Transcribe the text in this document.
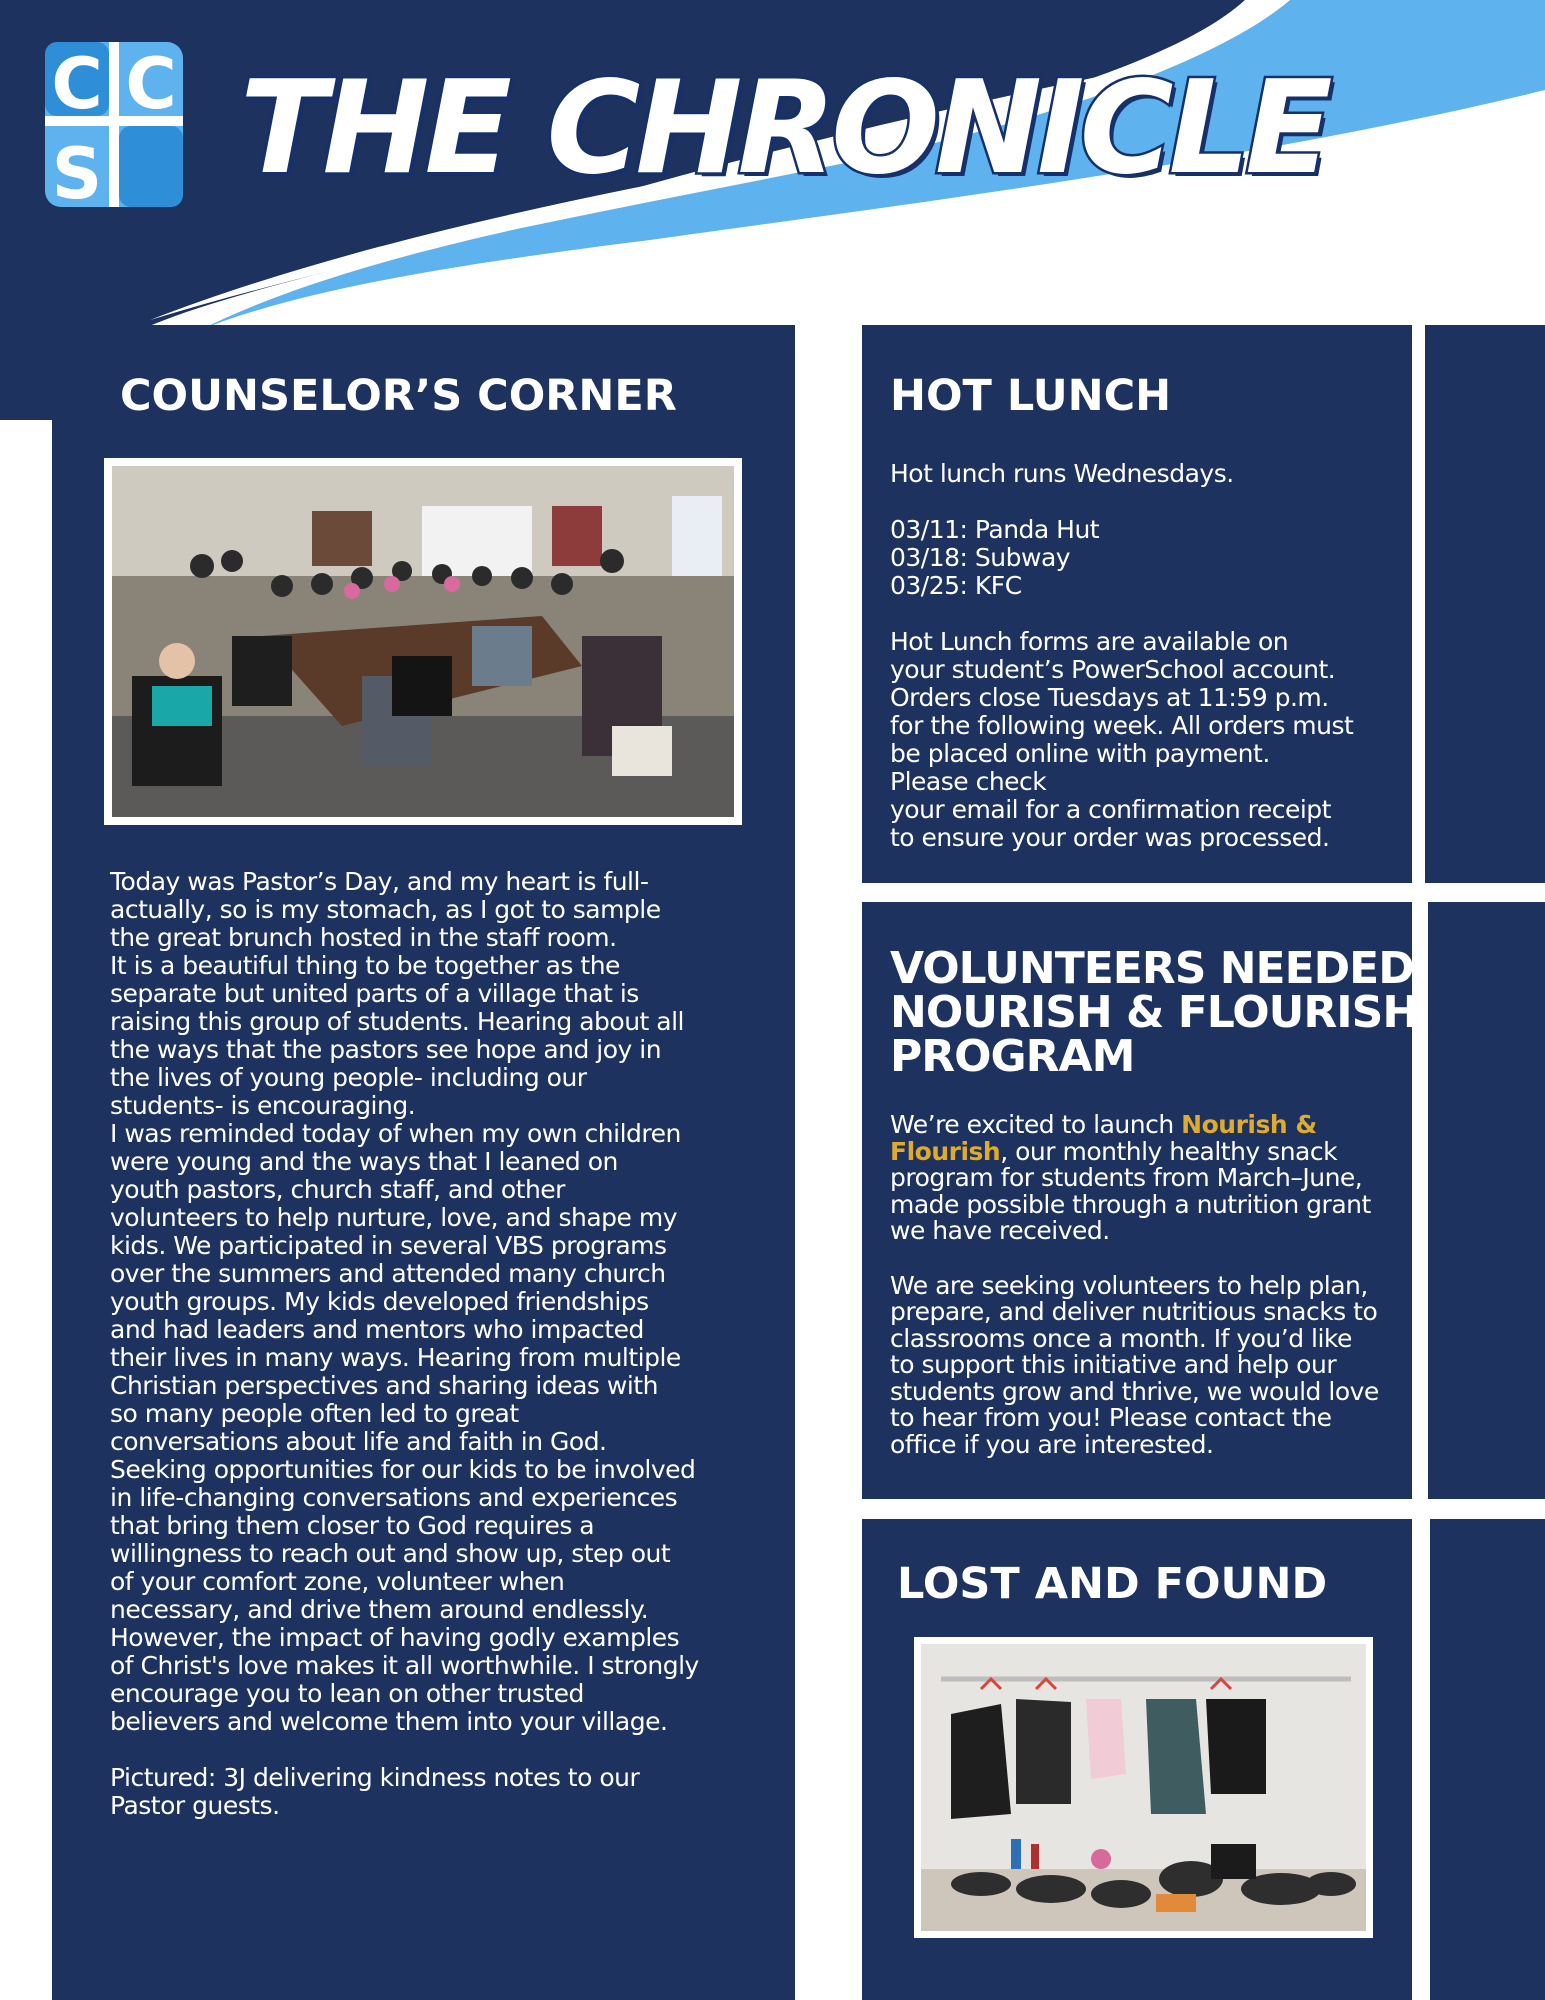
C C
S THE CHRONICLE
COUNSELOR’S CORNER

Today was Pastor’s Day, and my heart is full-
actually, so is my stomach, as I got to sample
the great brunch hosted in the staff room.
It is a beautiful thing to be together as the
separate but united parts of a village that is
raising this group of students. Hearing about all
the ways that the pastors see hope and joy in
the lives of young people- including our
students- is encouraging.
I was reminded today of when my own children
were young and the ways that I leaned on
youth pastors, church staff, and other
volunteers to help nurture, love, and shape my
kids. We participated in several VBS programs
over the summers and attended many church
youth groups. My kids developed friendships
and had leaders and mentors who impacted
their lives in many ways. Hearing from multiple
Christian perspectives and sharing ideas with
so many people often led to great
conversations about life and faith in God.
Seeking opportunities for our kids to be involved
in life-changing conversations and experiences
that bring them closer to God requires a
willingness to reach out and show up, step out
of your comfort zone, volunteer when
necessary, and drive them around endlessly.
However, the impact of having godly examples
of Christ's love makes it all worthwhile. I strongly
encourage you to lean on other trusted
believers and welcome them into your village.

Pictured: 3J delivering kindness notes to our
Pastor guests.

HOT LUNCH

Hot lunch runs Wednesdays.

03/11: Panda Hut

03/18: Subway

03/25: KFC

Hot Lunch forms are available on
your student’s PowerSchool account.
Orders close Tuesdays at 11:59 p.m.
for the following week. All orders must
be placed online with payment.
Please check
your email for a confirmation receipt
to ensure your order was processed.

VOLUNTEERS NEEDED:
NOURISH & FLOURISH
PROGRAM

We’re excited to launch Nourish &
Flourish, our monthly healthy snack
program for students from March–June,
made possible through a nutrition grant
we have received.

We are seeking volunteers to help plan,
prepare, and deliver nutritious snacks to
classrooms once a month. If you’d like
to support this initiative and help our
students grow and thrive, we would love
to hear from you! Please contact the
office if you are interested.

LOST AND FOUND
